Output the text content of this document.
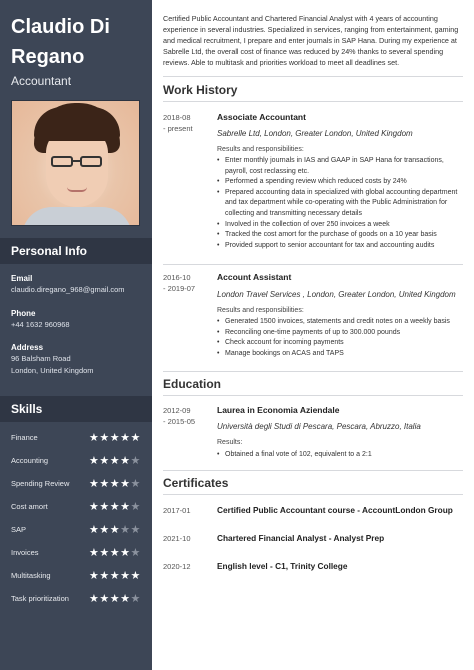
Claudio Di
Regano
Accountant
Personal Info
Email
claudio.diregano_968@gmail.com
Phone
+44 1632 960968
Address
96 Balsham Road
London, United Kingdom
Skills
Finance	★★★★★
Accounting	★★★★★
Spending Review ★★★★★
Cost amort	★★★★★
SAP	★★★★★
Invoices	★★★★★
Multitasking	★★★★★
Task prioritization ★★★★★
Certified Public Accountant and Chartered Financial Analyst with 4 years of accounting
experience in several industries. Specialized in services, ranging from entertainment, gaming
and medical recruitment, I prepare and enter journals in SAP Hana. During my experience at
Sabrelle Ltd, the overall cost of finance was reduced by 24% thanks to several spending
reviews. Able to multitask and priorities workload to meet all deadlines set.
Work History
2018-08
- present
Associate Accountant
Sabrelle Ltd, London, Greater London, United Kingdom
Results and responsibilities:
• Enter monthly journals in IAS and GAAP in SAP Hana for transactions, payroll, cost reclassing etc.
• Performed a spending review which reduced costs by 24%
• Prepared accounting data in specialized with global accounting department and tax department while co-operating with the Public Administration for collecting and transmitting necessary details
• Involved in the collection of over 250 invoices a week
• Tracked the cost amort for the purchase of goods on a 10 year basis
• Provided support to senior accountant for tax and accounting audits
2016-10
- 2019-07
Account Assistant
London Travel Services , London, Greater London, United Kingdom
Results and responsibilities:
• Generated 1500 invoices, statements and credit notes on a weekly basis
• Reconciling one-time payments of up to 300.000 pounds
• Check account for incoming payments
• Manage bookings on ACAS and TAPS
Education
2012-09
- 2015-05
Laurea in Economia Aziendale
Università degli Studi di Pescara, Pescara, Abruzzo, Italia
Results:
• Obtained a final vote of 102, equivalent to a 2:1
Certificates
2017-01	Certified Public Accountant course - AccountLondon Group
2021-10	Chartered Financial Analyst - Analyst Prep
2020-12	English level - C1, Trinity College
